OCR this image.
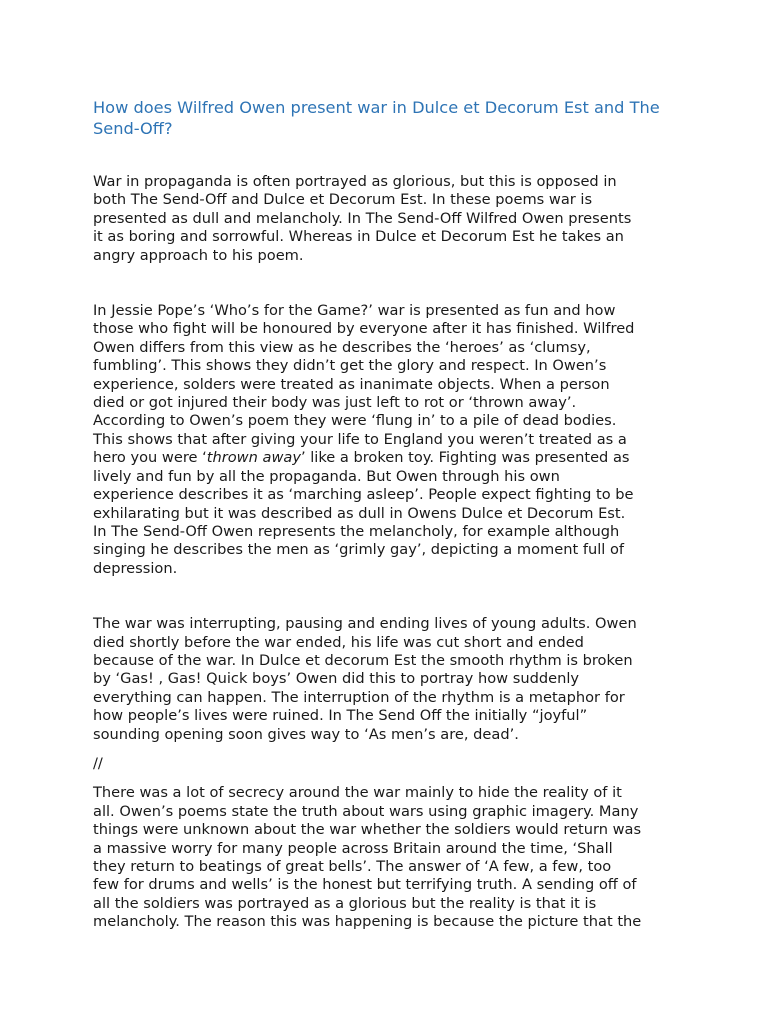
How does Wilfred Owen present war in Dulce et Decorum Est and The Send-Off?
War in propaganda is often portrayed as glorious, but this is opposed in
both The Send-Off and Dulce et Decorum Est. In these poems war is
presented as dull and melancholy. In The Send-Off Wilfred Owen presents
it as boring and sorrowful. Whereas in Dulce et Decorum Est he takes an
angry approach to his poem.
In Jessie Pope’s ‘Who’s for the Game?’ war is presented as fun and how
those who fight will be honoured by everyone after it has finished. Wilfred
Owen differs from this view as he describes the ‘heroes’ as ‘clumsy,
fumbling’. This shows they didn’t get the glory and respect. In Owen’s
experience, solders were treated as inanimate objects. When a person
died or got injured their body was just left to rot or ‘thrown away’.
According to Owen’s poem they were ‘flung in’ to a pile of dead bodies.
This shows that after giving your life to England you weren’t treated as a
hero you were ‘thrown away’ like a broken toy. Fighting was presented as
lively and fun by all the propaganda. But Owen through his own
experience describes it as ‘marching asleep’. People expect fighting to be
exhilarating but it was described as dull in Owens Dulce et Decorum Est.
In The Send-Off Owen represents the melancholy, for example although
singing he describes the men as ‘grimly gay’, depicting a moment full of
depression.
The war was interrupting, pausing and ending lives of young adults. Owen
died shortly before the war ended, his life was cut short and ended
because of the war. In Dulce et decorum Est the smooth rhythm is broken
by ‘Gas! , Gas! Quick boys’ Owen did this to portray how suddenly
everything can happen. The interruption of the rhythm is a metaphor for
how people’s lives were ruined. In The Send Off the initially “joyful”
sounding opening soon gives way to ‘As men’s are, dead’.
//
There was a lot of secrecy around the war mainly to hide the reality of it
all. Owen’s poems state the truth about wars using graphic imagery. Many
things were unknown about the war whether the soldiers would return was
a massive worry for many people across Britain around the time, ‘Shall
they return to beatings of great bells’. The answer of ‘A few, a few, too
few for drums and wells’ is the honest but terrifying truth. A sending off of
all the soldiers was portrayed as a glorious but the reality is that it is
melancholy. The reason this was happening is because the picture that the
